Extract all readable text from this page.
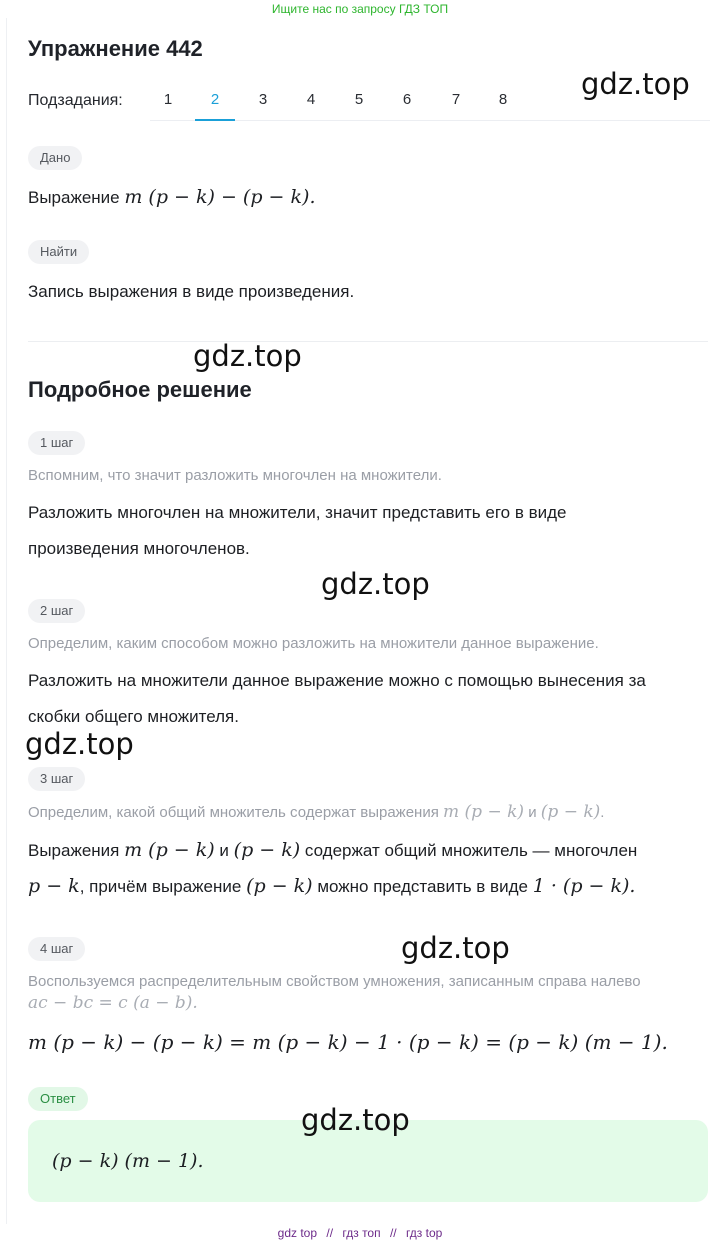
Ищите нас по запросу ГДЗ ТОП
Упражнение 442
Подзадания:	1	2	3	4	5	6	7	8
Дано
Выражение m (p − k) − (p − k).
Найти
Запись выражения в виде произведения.
Подробное решение
1 шаг
Вспомним, что значит разложить многочлен на множители.
Разложить многочлен на множители, значит представить его в виде
произведения многочленов.
2 шаг
Определим, каким способом можно разложить на множители данное выражение.
Разложить на множители данное выражение можно с помощью вынесения за
скобки общего множителя.
3 шаг
Определим, какой общий множитель содержат выражения m (p − k) и (p − k).
Выражения m (p − k) и (p − k) содержат общий множитель — многочлен
p − k, причём выражение (p − k) можно представить в виде 1 · (p − k).
4 шаг
Воспользуемся распределительным свойством умножения, записанным справа налево
ac − bc = c (a − b).
m (p − k) − (p − k) = m (p − k) − 1 · (p − k) = (p − k) (m − 1).
Ответ
(p − k) (m − 1).
gdz.top
gdz.top
gdz.top
gdz.top
gdz.top
gdz.top
gdz top // гдз топ // гдз top
